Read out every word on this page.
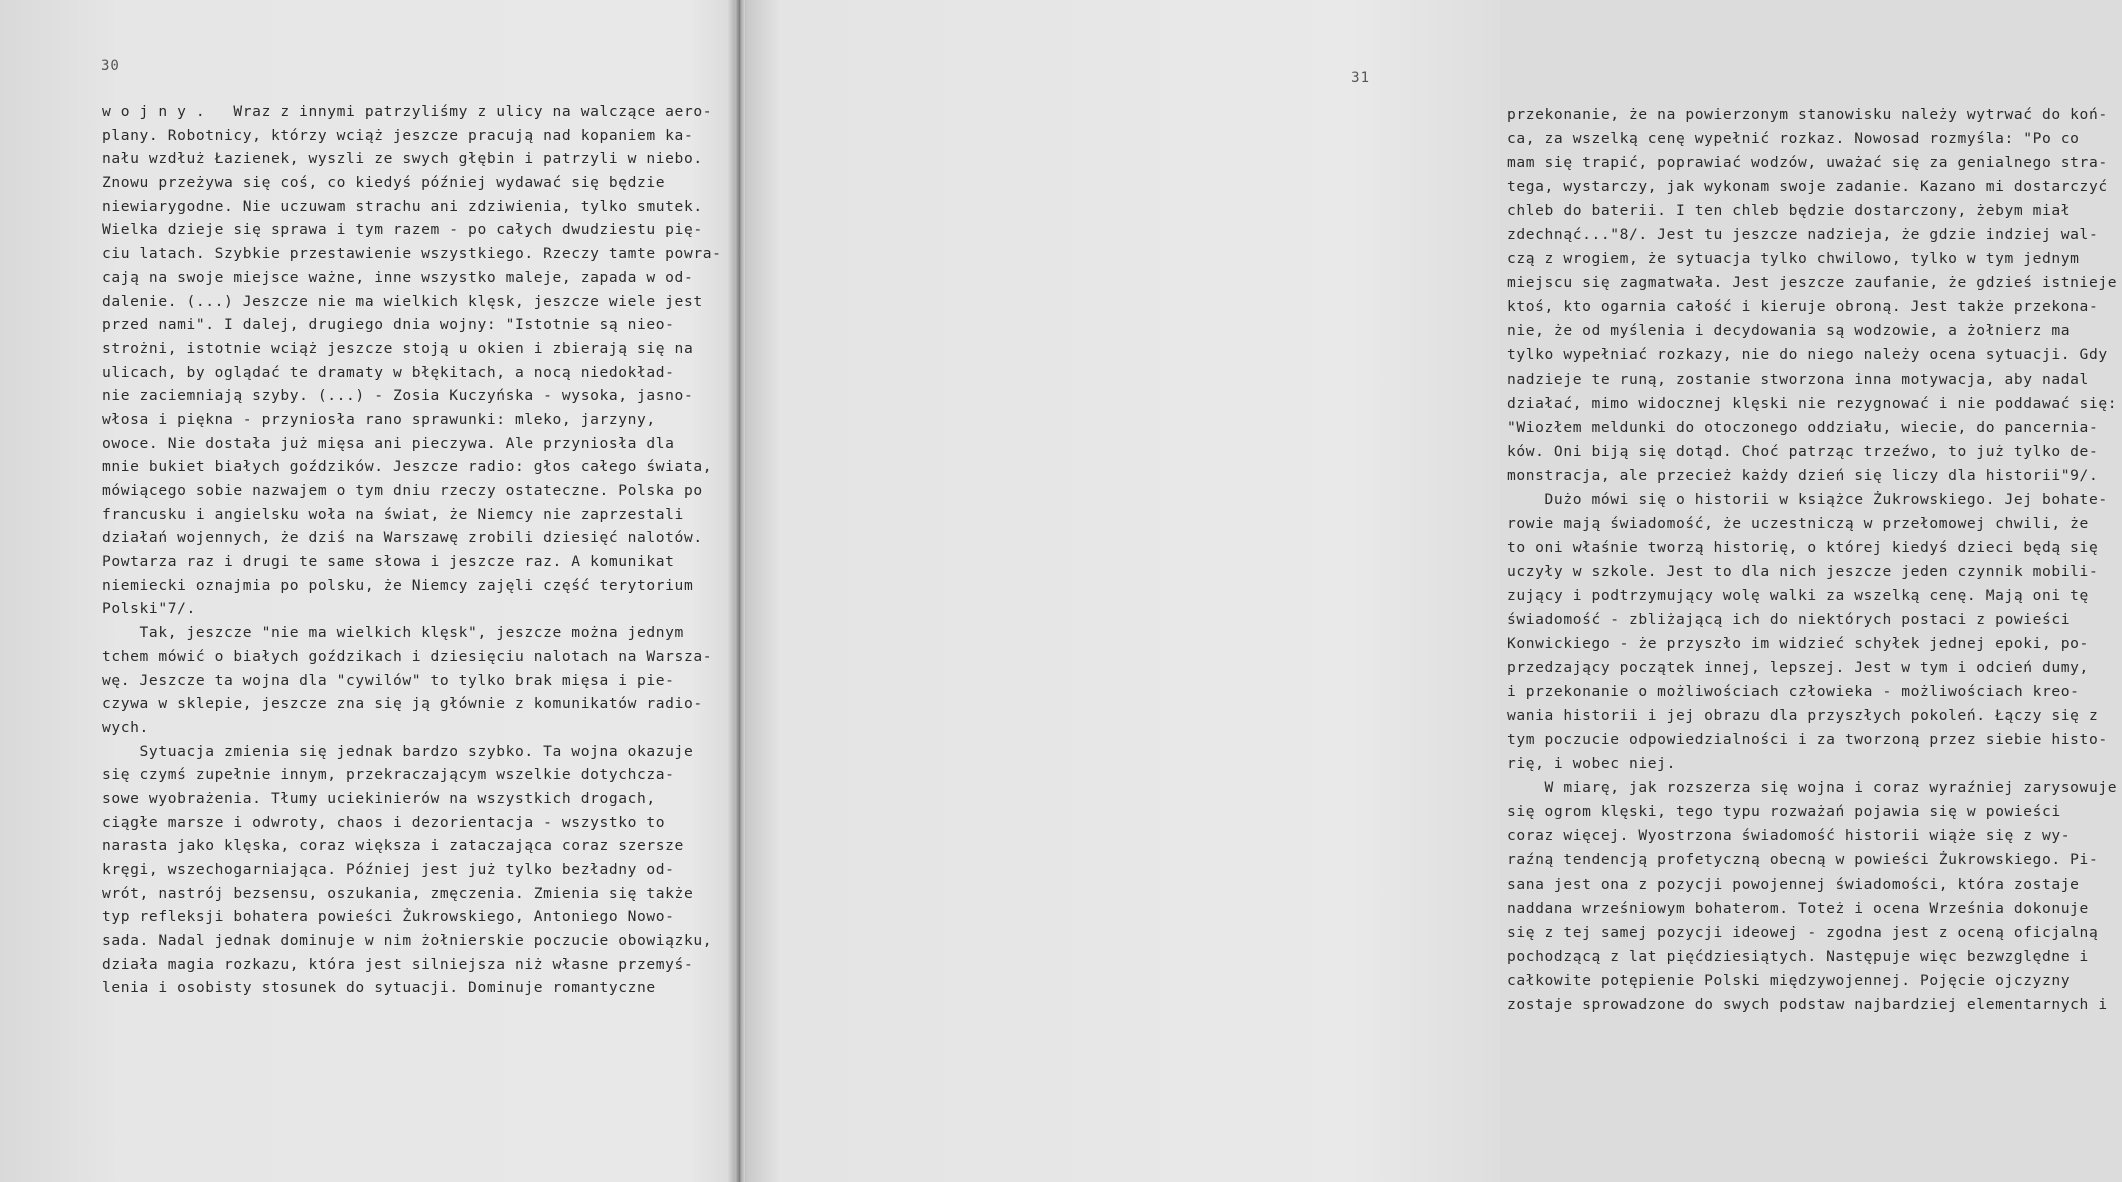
30
w o j n y .   Wraz z innymi patrzyliśmy z ulicy na walczące aero-
plany. Robotnicy, którzy wciąż jeszcze pracują nad kopaniem ka-
nału wzdłuż Łazienek, wyszli ze swych głębin i patrzyli w niebo.
Znowu przeżywa się coś, co kiedyś później wydawać się będzie
niewiarygodne. Nie uczuwam strachu ani zdziwienia, tylko smutek.
Wielka dzieje się sprawa i tym razem - po całych dwudziestu pię-
ciu latach. Szybkie przestawienie wszystkiego. Rzeczy tamte powra-
cają na swoje miejsce ważne, inne wszystko maleje, zapada w od-
dalenie. (...) Jeszcze nie ma wielkich klęsk, jeszcze wiele jest
przed nami". I dalej, drugiego dnia wojny: "Istotnie są nieo-
strożni, istotnie wciąż jeszcze stoją u okien i zbierają się na
ulicach, by oglądać te dramaty w błękitach, a nocą niedokład-
nie zaciemniają szyby. (...) - Zosia Kuczyńska - wysoka, jasno-
włosa i piękna - przyniosła rano sprawunki: mleko, jarzyny,
owoce. Nie dostała już mięsa ani pieczywa. Ale przyniosła dla
mnie bukiet białych goździków. Jeszcze radio: głos całego świata,
mówiącego sobie nazwajem o tym dniu rzeczy ostateczne. Polska po
francusku i angielsku woła na świat, że Niemcy nie zaprzestali
działań wojennych, że dziś na Warszawę zrobili dziesięć nalotów.
Powtarza raz i drugi te same słowa i jeszcze raz. A komunikat
niemiecki oznajmia po polsku, że Niemcy zajęli część terytorium
Polski"7/.
Tak, jeszcze "nie ma wielkich klęsk", jeszcze można jednym
tchem mówić o białych goździkach i dziesięciu nalotach na Warsza-
wę. Jeszcze ta wojna dla "cywilów" to tylko brak mięsa i pie-
czywa w sklepie, jeszcze zna się ją głównie z komunikatów radio-
wych.
Sytuacja zmienia się jednak bardzo szybko. Ta wojna okazuje
się czymś zupełnie innym, przekraczającym wszelkie dotychcza-
sowe wyobrażenia. Tłumy uciekinierów na wszystkich drogach,
ciągłe marsze i odwroty, chaos i dezorientacja - wszystko to
narasta jako klęska, coraz większa i zataczająca coraz szersze
kręgi, wszechogarniająca. Później jest już tylko bezładny od-
wrót, nastrój bezsensu, oszukania, zmęczenia. Zmienia się także
typ refleksji bohatera powieści Żukrowskiego, Antoniego Nowo-
sada. Nadal jednak dominuje w nim żołnierskie poczucie obowiązku,
działa magia rozkazu, która jest silniejsza niż własne przemyś-
lenia i osobisty stosunek do sytuacji. Dominuje romantyczne
31
przekonanie, że na powierzonym stanowisku należy wytrwać do koń-
ca, za wszelką cenę wypełnić rozkaz. Nowosad rozmyśla: "Po co
mam się trapić, poprawiać wodzów, uważać się za genialnego stra-
tega, wystarczy, jak wykonam swoje zadanie. Kazano mi dostarczyć
chleb do baterii. I ten chleb będzie dostarczony, żebym miał
zdechnąć..."8/. Jest tu jeszcze nadzieja, że gdzie indziej wal-
czą z wrogiem, że sytuacja tylko chwilowo, tylko w tym jednym
miejscu się zagmatwała. Jest jeszcze zaufanie, że gdzieś istnieje
ktoś, kto ogarnia całość i kieruje obroną. Jest także przekona-
nie, że od myślenia i decydowania są wodzowie, a żołnierz ma
tylko wypełniać rozkazy, nie do niego należy ocena sytuacji. Gdy
nadzieje te runą, zostanie stworzona inna motywacja, aby nadal
działać, mimo widocznej klęski nie rezygnować i nie poddawać się:
"Wiozłem meldunki do otoczonego oddziału, wiecie, do pancernia-
ków. Oni biją się dotąd. Choć patrząc trzeźwo, to już tylko de-
monstracja, ale przecież każdy dzień się liczy dla historii"9/.
Dużo mówi się o historii w książce Żukrowskiego. Jej bohate-
rowie mają świadomość, że uczestniczą w przełomowej chwili, że
to oni właśnie tworzą historię, o której kiedyś dzieci będą się
uczyły w szkole. Jest to dla nich jeszcze jeden czynnik mobili-
zujący i podtrzymujący wolę walki za wszelką cenę. Mają oni tę
świadomość - zbliżającą ich do niektórych postaci z powieści
Konwickiego - że przyszło im widzieć schyłek jednej epoki, po-
przedzający początek innej, lepszej. Jest w tym i odcień dumy,
i przekonanie o możliwościach człowieka - możliwościach kreo-
wania historii i jej obrazu dla przyszłych pokoleń. Łączy się z
tym poczucie odpowiedzialności i za tworzoną przez siebie histo-
rię, i wobec niej.
W miarę, jak rozszerza się wojna i coraz wyraźniej zarysowuje
się ogrom klęski, tego typu rozważań pojawia się w powieści
coraz więcej. Wyostrzona świadomość historii wiąże się z wy-
raźną tendencją profetyczną obecną w powieści Żukrowskiego. Pi-
sana jest ona z pozycji powojennej świadomości, która zostaje
naddana wrześniowym bohaterom. Toteż i ocena Września dokonuje
się z tej samej pozycji ideowej - zgodna jest z oceną oficjalną
pochodzącą z lat pięćdziesiątych. Następuje więc bezwzględne i
całkowite potępienie Polski międzywojennej. Pojęcie ojczyzny
zostaje sprowadzone do swych podstaw najbardziej elementarnych i
